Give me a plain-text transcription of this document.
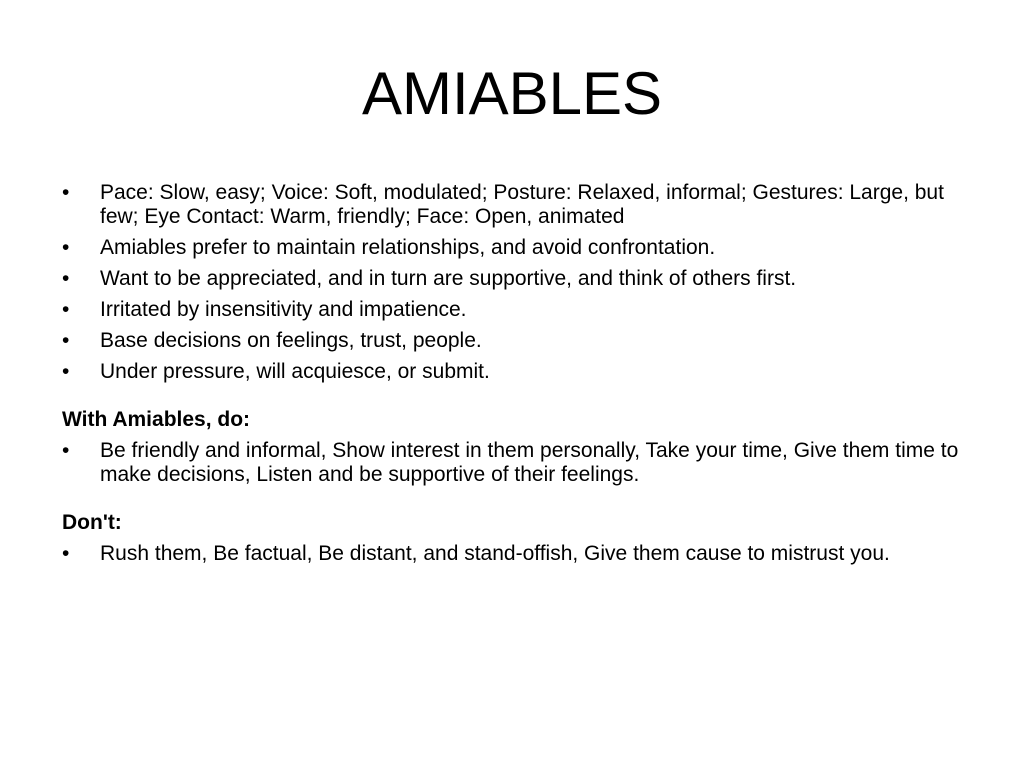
AMIABLES
• Pace: Slow, easy; Voice: Soft, modulated; Posture: Relaxed, informal; Gestures: Large, but few; Eye Contact: Warm, friendly; Face: Open, animated
• Amiables prefer to maintain relationships, and avoid confrontation.
• Want to be appreciated, and in turn are supportive, and think of others first.
• Irritated by insensitivity and impatience.
• Base decisions on feelings, trust, people.
• Under pressure, will acquiesce, or submit.
With Amiables, do:
• Be friendly and informal, Show interest in them personally, Take your time, Give them time to make decisions, Listen and be supportive of their feelings.
Don't:
• Rush them, Be factual, Be distant, and stand-offish, Give them cause to mistrust you.
